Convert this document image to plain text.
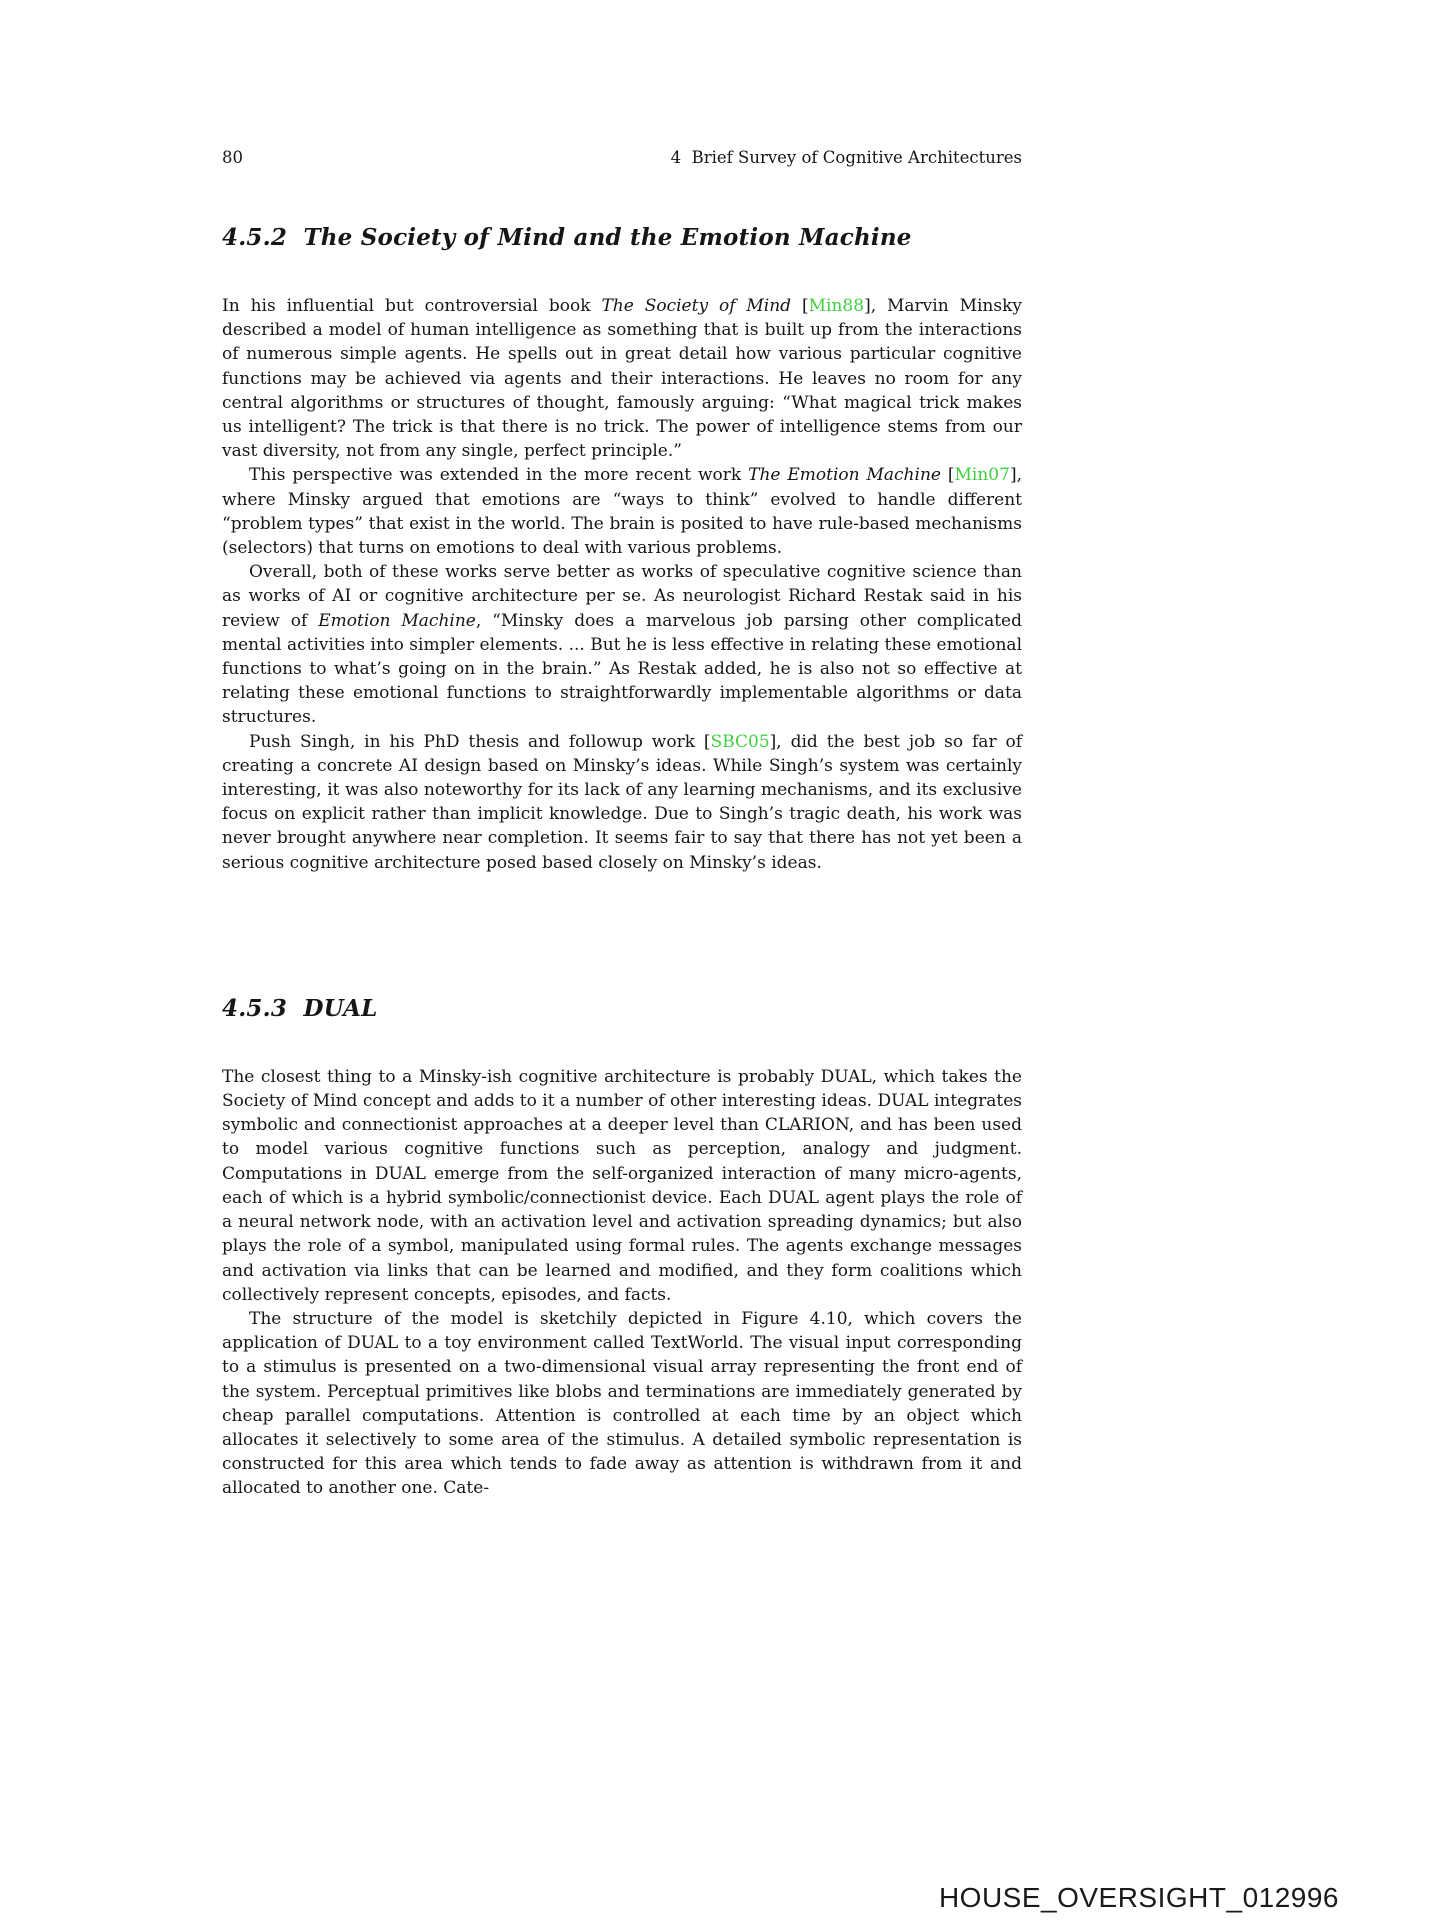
80	4  Brief Survey of Cognitive Architectures
4.5.2  The Society of Mind and the Emotion Machine

In his influential but controversial book The Society of Mind [Min88], Marvin Minsky described a model of human intelligence as something that is built up from the interactions of numerous simple agents. He spells out in great detail how various particular cognitive functions may be achieved via agents and their interactions. He leaves no room for any central algorithms or structures of thought, famously arguing: “What magical trick makes us intelligent? The trick is that there is no trick. The power of intelligence stems from our vast diversity, not from any single, perfect principle.”

This perspective was extended in the more recent work The Emotion Machine [Min07], where Minsky argued that emotions are “ways to think” evolved to handle different “problem types” that exist in the world. The brain is posited to have rule-based mechanisms (selectors) that turns on emotions to deal with various problems.

Overall, both of these works serve better as works of speculative cognitive science than as works of AI or cognitive architecture per se. As neurologist Richard Restak said in his review of Emotion Machine, “Minsky does a marvelous job parsing other complicated mental activities into simpler elements. ... But he is less effective in relating these emotional functions to what’s going on in the brain.” As Restak added, he is also not so effective at relating these emotional functions to straightforwardly implementable algorithms or data structures.

Push Singh, in his PhD thesis and followup work [SBC05], did the best job so far of creating a concrete AI design based on Minsky’s ideas. While Singh’s system was certainly interesting, it was also noteworthy for its lack of any learning mechanisms, and its exclusive focus on explicit rather than implicit knowledge. Due to Singh’s tragic death, his work was never brought anywhere near completion. It seems fair to say that there has not yet been a serious cognitive architecture posed based closely on Minsky’s ideas.

4.5.3  DUAL

The closest thing to a Minsky-ish cognitive architecture is probably DUAL, which takes the Society of Mind concept and adds to it a number of other interesting ideas. DUAL integrates symbolic and connectionist approaches at a deeper level than CLARION, and has been used to model various cognitive functions such as perception, analogy and judgment. Computations in DUAL emerge from the self-organized interaction of many micro-agents, each of which is a hybrid symbolic/connectionist device. Each DUAL agent plays the role of a neural network node, with an activation level and activation spreading dynamics; but also plays the role of a symbol, manipulated using formal rules. The agents exchange messages and activation via links that can be learned and modified, and they form coalitions which collectively represent concepts, episodes, and facts.

The structure of the model is sketchily depicted in Figure 4.10, which covers the application of DUAL to a toy environment called TextWorld. The visual input corresponding to a stimulus is presented on a two-dimensional visual array representing the front end of the system. Perceptual primitives like blobs and terminations are immediately generated by cheap parallel computations. Attention is controlled at each time by an object which allocates it selectively to some area of the stimulus. A detailed symbolic representation is constructed for this area which tends to fade away as attention is withdrawn from it and allocated to another one. Cate-

HOUSE_OVERSIGHT_012996
